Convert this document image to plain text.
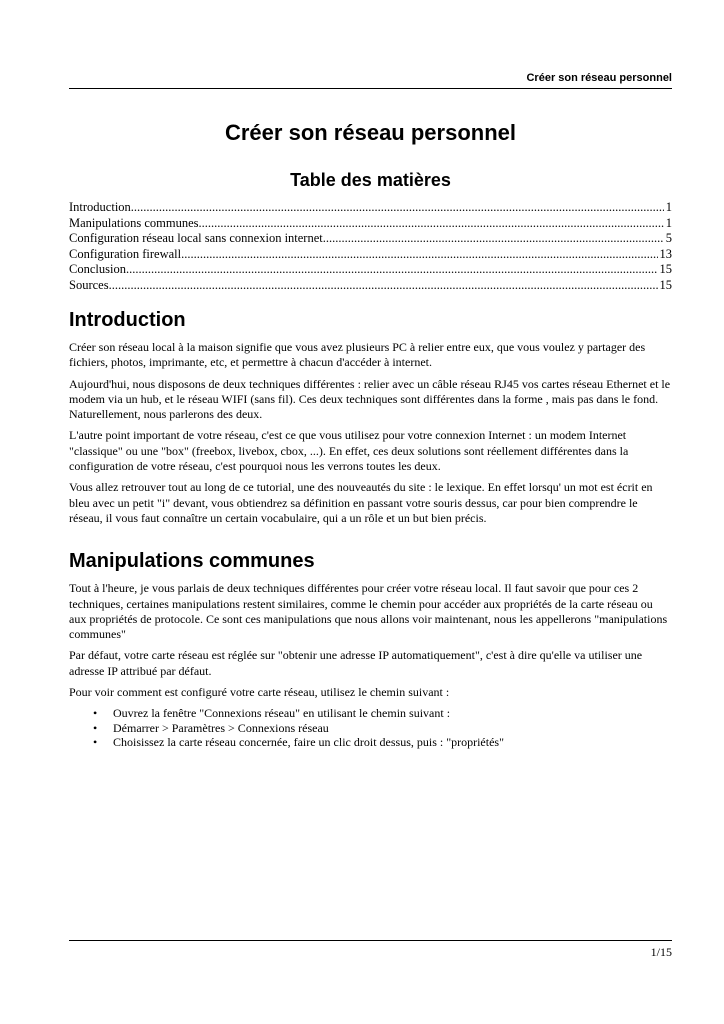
Créer son réseau personnel
Créer son réseau personnel
Table des matières
Introduction .....	1
Manipulations communes .....	1
Configuration réseau local sans connexion internet .....	5
Configuration firewall .....	13
Conclusion .....	15
Sources .....	15
Introduction

Créer son réseau local à la maison signifie que vous avez plusieurs PC à relier entre eux, que vous voulez y partager des fichiers, photos, imprimante, etc, et permettre à chacun d'accéder à internet.

Aujourd'hui, nous disposons de deux techniques différentes : relier avec un câble réseau RJ45 vos cartes réseau Ethernet et le modem via un hub, et le réseau WIFI (sans fil). Ces deux techniques sont différentes dans la forme , mais pas dans le fond. Naturellement, nous parlerons des deux.

L'autre point important de votre réseau, c'est ce que vous utilisez pour votre connexion Internet : un modem Internet "classique" ou une "box" (freebox, livebox, cbox, ...). En effet, ces deux solutions sont réellement différentes dans la configuration de votre réseau, c'est pourquoi nous les verrons toutes les deux.

Vous allez retrouver tout au long de ce tutorial, une des nouveautés du site : le lexique. En effet lorsqu' un mot est écrit en bleu avec un petit "i" devant, vous obtiendrez sa définition en passant votre souris dessus, car pour bien comprendre le réseau, il vous faut connaître un certain vocabulaire, qui a un rôle et un but bien précis.

Manipulations communes

Tout à l'heure, je vous parlais de deux techniques différentes pour créer votre réseau local. Il faut savoir que pour ces 2 techniques, certaines manipulations restent similaires, comme le chemin pour accéder aux propriétés de la carte réseau ou aux propriétés de protocole. Ce sont ces manipulations que nous allons voir maintenant, nous les appellerons "manipulations communes"

Par défaut, votre carte réseau est réglée sur "obtenir une adresse IP automatiquement", c'est à dire qu'elle va utiliser une adresse IP attribué par défaut.

Pour voir comment est configuré votre carte réseau, utilisez le chemin suivant :

• Ouvrez la fenêtre "Connexions réseau" en utilisant le chemin suivant :
• Démarrer > Paramètres > Connexions réseau
• Choisissez la carte réseau concernée, faire un clic droit dessus, puis : "propriétés"
1/15
